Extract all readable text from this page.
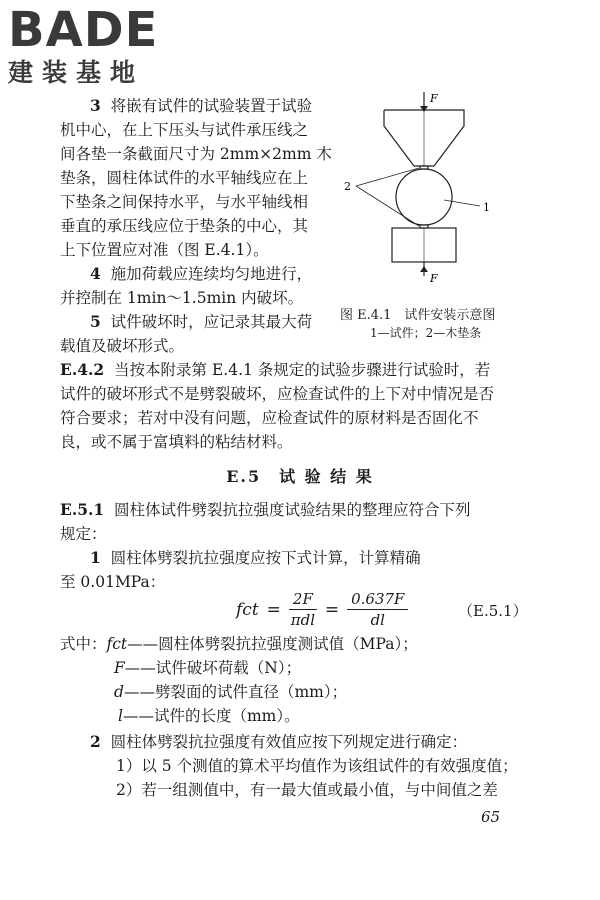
BADE
建装基地
3 将嵌有试件的试验装置于试验
机中心，在上下压头与试件承压线之
间各垫一条截面尺寸为 2mm×2mm 木
垫条，圆柱体试件的水平轴线应在上
下垫条之间保持水平，与水平轴线相
垂直的承压线应位于垫条的中心，其
上下位置应对准（图 E.4.1）。
4 施加荷载应连续均匀地进行，
并控制在 1min～1.5min 内破坏。
5 试件破坏时，应记录其最大荷
载值及破坏形式。
F
F
2
1
图 E.4.1　试件安装示意图
1—试件；2—木垫条
E.4.2 当按本附录第 E.4.1 条规定的试验步骤进行试验时，若
试件的破坏形式不是劈裂破坏，应检查试件的上下对中情况是否
符合要求；若对中没有问题，应检查试件的原材料是否固化不
良，或不属于富填料的粘结材料。
E.5　试 验 结 果
E.5.1 圆柱体试件劈裂抗拉强度试验结果的整理应符合下列
规定：
1 圆柱体劈裂抗拉强度应按下式计算，计算精确
至 0.01MPa：
fct = $\frac{2F}{\text{πdl}} = \frac{0.637F}{dl}$	（E.5.1）
式中：fct——圆柱体劈裂抗拉强度测试值（MPa）；
F——试件破坏荷载（N）；
d——劈裂面的试件直径（mm）；
l——试件的长度（mm）。
2 圆柱体劈裂抗拉强度有效值应按下列规定进行确定：
1）以 5 个测值的算术平均值作为该组试件的有效强度值；
2）若一组测值中，有一最大值或最小值，与中间值之差
65
